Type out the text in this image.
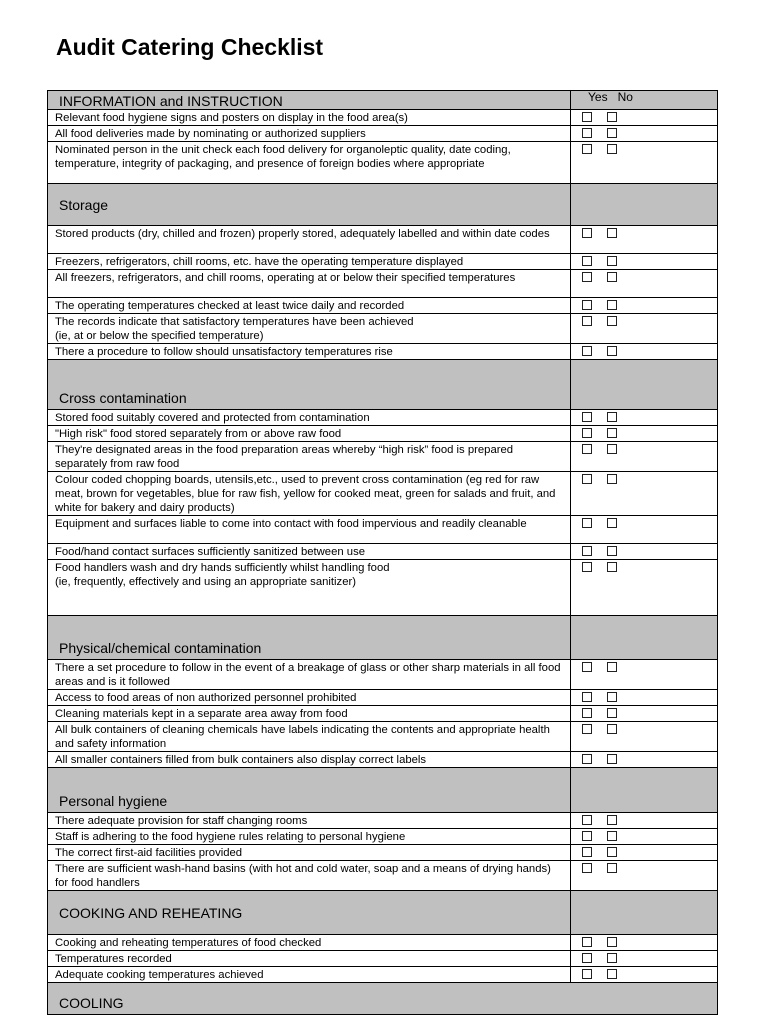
Audit Catering Checklist
INFORMATION and INSTRUCTION	Yes No

Relevant food hygiene signs and posters on display in the food area(s)	

All food deliveries made by nominating or authorized suppliers	

Nominated person in the unit check each food delivery for organoleptic quality, date coding, temperature, integrity of packaging, and presence of foreign bodies where appropriate	

Storage	
Stored products (dry, chilled and frozen) properly stored, adequately labelled and within date codes	

Freezers, refrigerators, chill rooms, etc. have the operating temperature displayed	

All freezers, refrigerators, and chill rooms, operating at or below their specified temperatures	

The operating temperatures checked at least twice daily and recorded	

The records indicate that satisfactory temperatures have been achieved
(ie, at or below the specified temperature)	

There a procedure to follow should unsatisfactory temperatures rise	

Cross contamination	
Stored food suitably covered and protected from contamination	

"High risk" food stored separately from or above raw food	

They're designated areas in the food preparation areas whereby “high risk” food is prepared separately from raw food	

Colour coded chopping boards, utensils,etc., used to prevent cross contamination (eg red for raw meat, brown for vegetables, blue for raw fish, yellow for cooked meat, green for salads and fruit, and white for bakery and dairy products)	

Equipment and surfaces liable to come into contact with food impervious and readily cleanable	

Food/hand contact surfaces sufficiently sanitized between use	

Food handlers wash and dry hands sufficiently whilst handling food
(ie, frequently, effectively and using an appropriate sanitizer)	

Physical/chemical contamination	
There a set procedure to follow in the event of a breakage of glass or other sharp materials in all food areas and is it followed	

Access to food areas of non authorized personnel prohibited	

Cleaning materials kept in a separate area away from food	

All bulk containers of cleaning chemicals have labels indicating the contents and appropriate health and safety information	

All smaller containers filled from bulk containers also display correct labels	

Personal hygiene	
There adequate provision for staff changing rooms	

Staff is adhering to the food hygiene rules relating to personal hygiene	

The correct first-aid facilities provided	

There are sufficient wash-hand basins (with hot and cold water, soap and a means of drying hands) for food handlers	

COOKING AND REHEATING	
Cooking and reheating temperatures of food checked	

Temperatures recorded	

Adequate cooking temperatures achieved	

COOLING	
